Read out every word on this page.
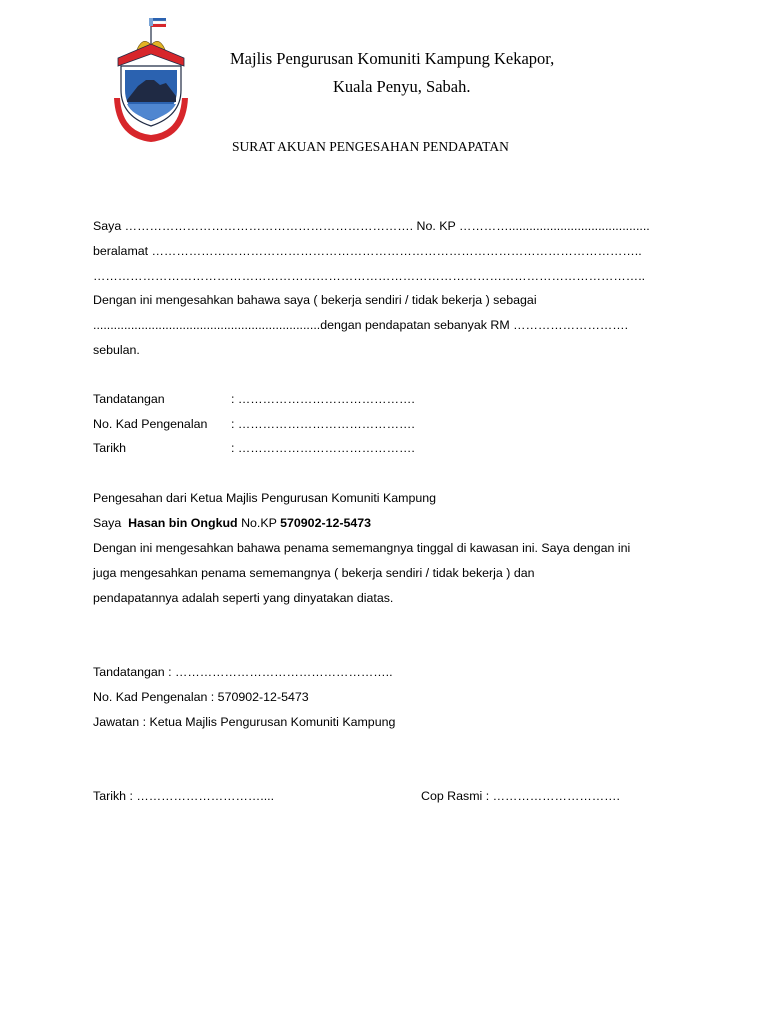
Majlis Pengurusan Komuniti Kampung Kekapor,
Kuala Penyu, Sabah.
SURAT AKUAN PENGESAHAN PENDAPATAN
Saya ……………………………………………………………. No. KP ………….........................................
beralamat ………………………………………………………………………………………………………..
……………………………………………………………………………………………………………………..
Dengan ini mengesahkan bahawa saya ( bekerja sendiri / tidak bekerja ) sebagai
..................................................................dengan pendapatan sebanyak RM ……………………….
sebulan.
Tandatangan	: …………………………………….
No. Kad Pengenalan : …………………………………….
Tarikh	: …………………………………….
Pengesahan dari Ketua Majlis Pengurusan Komuniti Kampung
Saya Hasan bin Ongkud No.KP 570902-12-5473
Dengan ini mengesahkan bahawa penama sememangnya tinggal di kawasan ini. Saya dengan ini
juga mengesahkan penama sememangnya ( bekerja sendiri / tidak bekerja ) dan
pendapatannya adalah seperti yang dinyatakan diatas.
Tandatangan : ……………………………………………..
No. Kad Pengenalan : 570902-12-5473
Jawatan : Ketua Majlis Pengurusan Komuniti Kampung
Tarikh : …………………………....	Cop Rasmi : ………………………….
